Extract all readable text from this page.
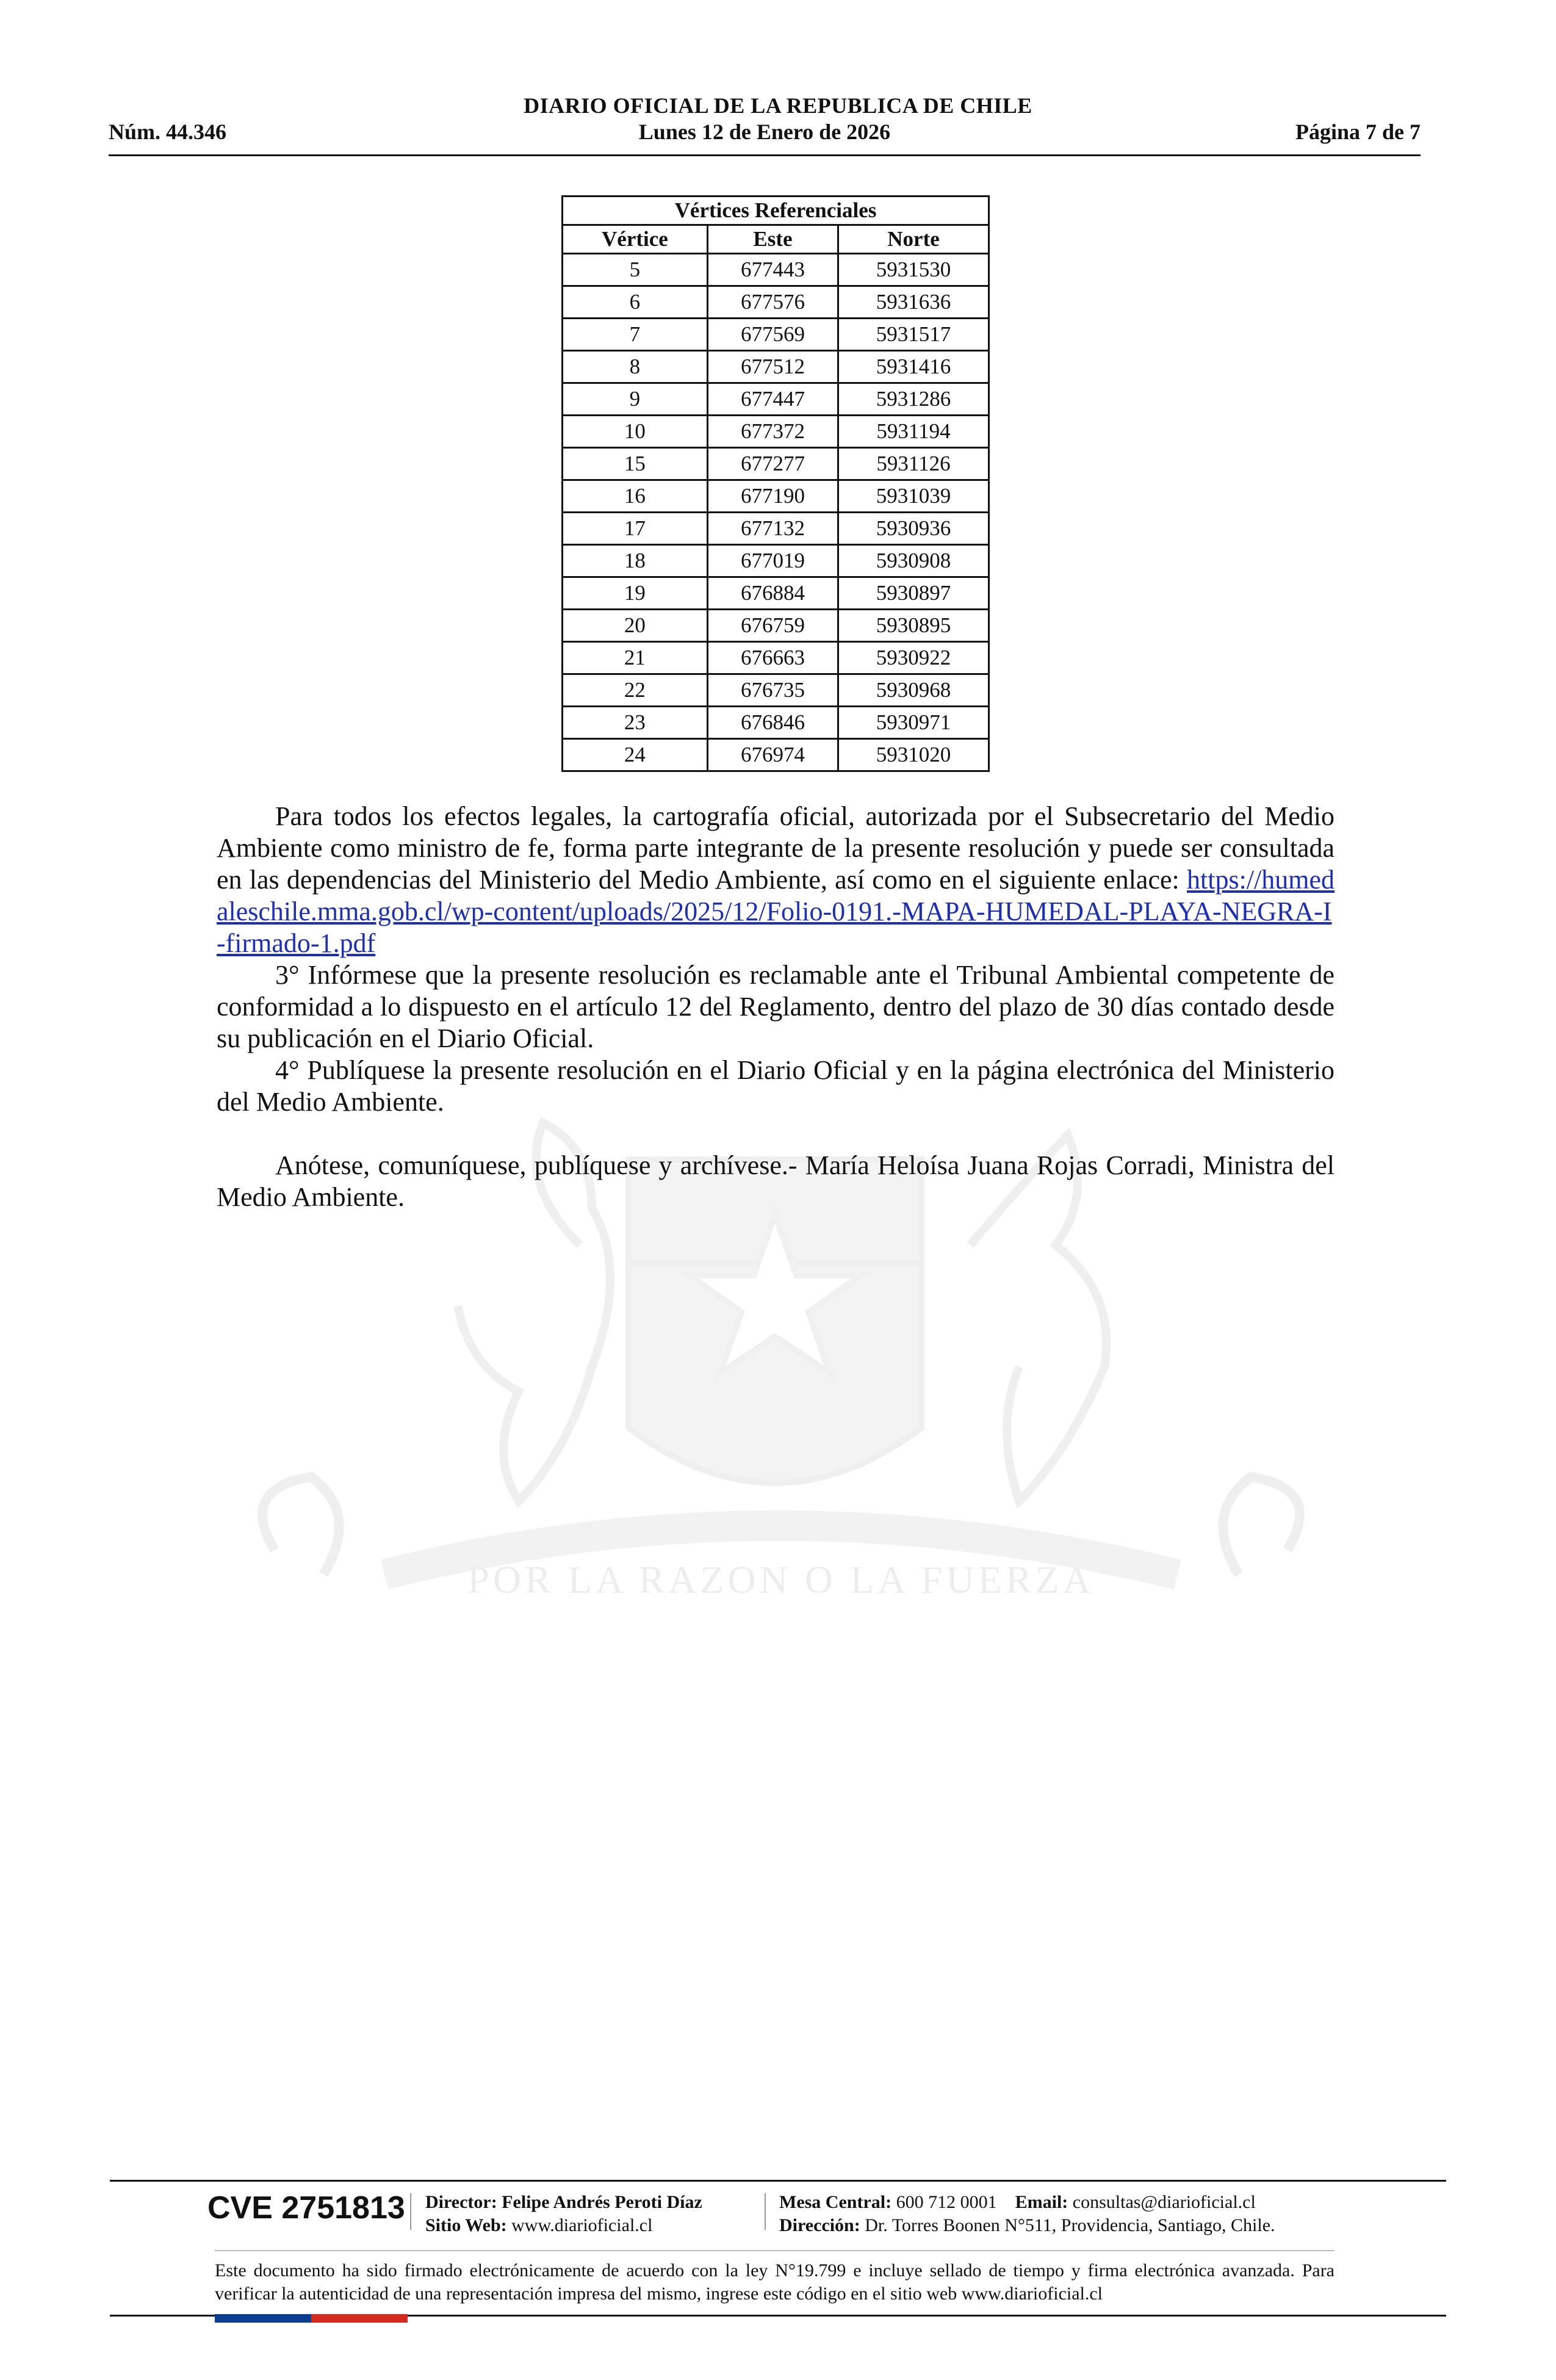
DIARIO OFICIAL DE LA REPUBLICA DE CHILE
Núm. 44.346	Lunes 12 de Enero de 2026	Página 7 de 7
POR LA RAZON O LA FUERZA
Vértices Referenciales		
Vértice	Este	Norte
5	677443	5931530
6	677576	5931636
7	677569	5931517
8	677512	5931416
9	677447	5931286
10	677372	5931194
15	677277	5931126
16	677190	5931039
17	677132	5930936
18	677019	5930908
19	676884	5930897
20	676759	5930895
21	676663	5930922
22	676735	5930968
23	676846	5930971
24	676974	5931020

Para todos los efectos legales, la cartografía oficial, autorizada por el Subsecretario del Medio Ambiente como ministro de fe, forma parte integrante de la presente resolución y puede ser consultada en las dependencias del Ministerio del Medio Ambiente, así como en el siguiente enlace: https://humedaleschile.mma.gob.cl/wp-content/uploads/2025/12/Folio-0191.-MAPA-HUMEDAL-PLAYA-NEGRA-I-firmado-1.pdf

3° Infórmese que la presente resolución es reclamable ante el Tribunal Ambiental competente de conformidad a lo dispuesto en el artículo 12 del Reglamento, dentro del plazo de 30 días contado desde su publicación en el Diario Oficial.

4° Publíquese la presente resolución en el Diario Oficial y en la página electrónica del Ministerio del Medio Ambiente.

Anótese, comuníquese, publíquese y archívese.- María Heloísa Juana Rojas Corradi, Ministra del Medio Ambiente.

CVE 2751813 Director: Felipe Andrés Peroti Díaz
Sitio Web: www.diarioficial.cl
Mesa Central: 600 712 0001 Email: consultas@diarioficial.cl
Dirección: Dr. Torres Boonen N°511, Providencia, Santiago, Chile.
Este documento ha sido firmado electrónicamente de acuerdo con la ley N°19.799 e incluye sellado de tiempo y firma electrónica avanzada. Para verificar la autenticidad de una representación impresa del mismo, ingrese este código en el sitio web www.diarioficial.cl
